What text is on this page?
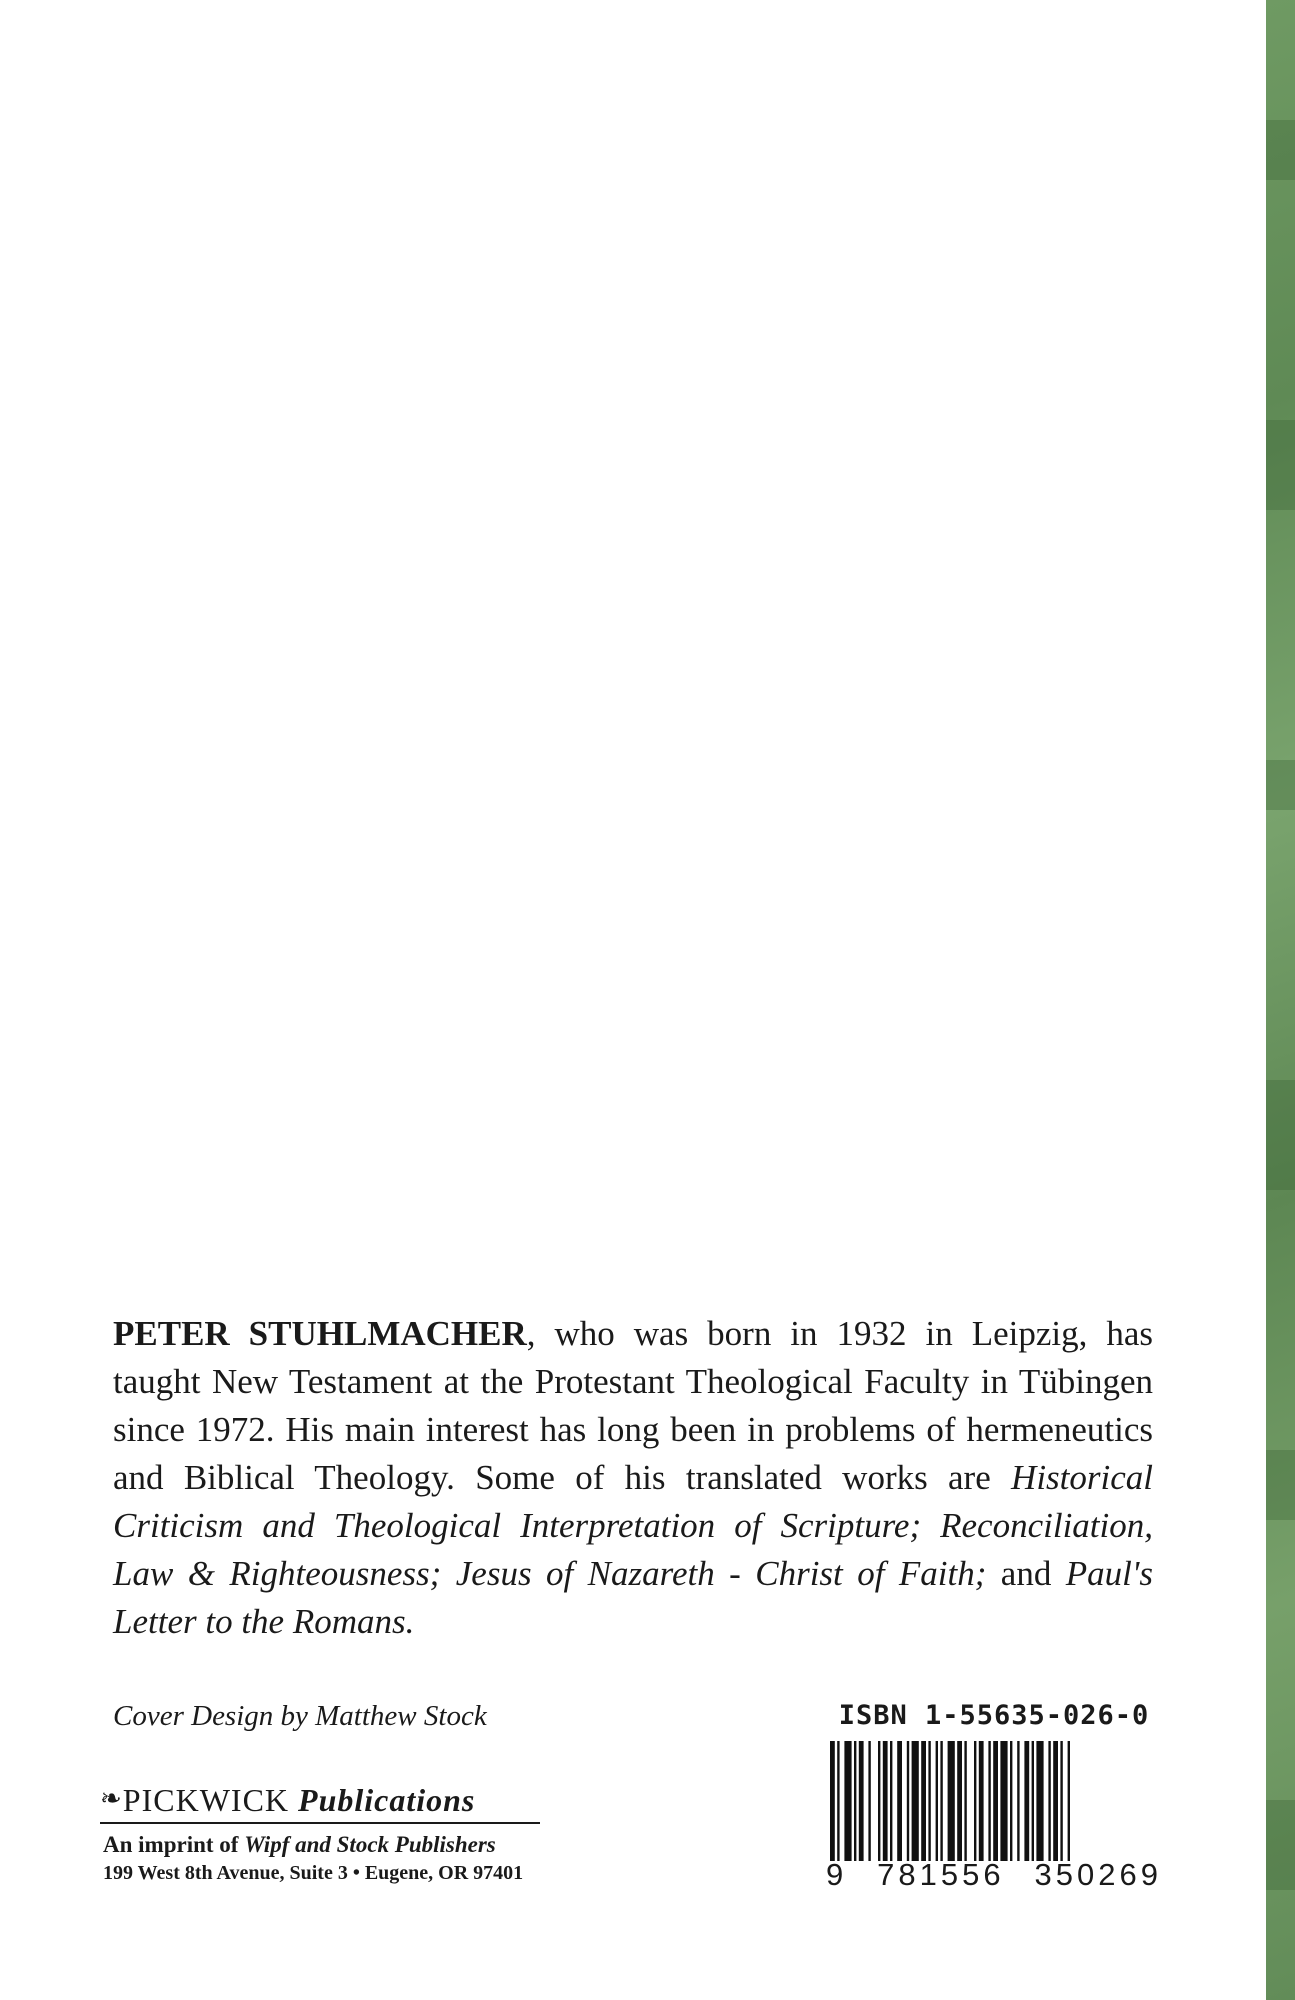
PETER STUHLMACHER, who was born in 1932 in Leipzig, has taught New Testament at the Protestant Theological Faculty in Tübingen since 1972. His main interest has long been in problems of hermeneutics and Biblical Theology. Some of his translated works are Historical Criticism and Theological Interpretation of Scripture; Reconciliation, Law & Righteousness; Jesus of Nazareth - Christ of Faith; and Paul's Letter to the Romans.

Cover Design by Matthew Stock
❧PICKWICK Publications
An imprint of Wipf and Stock Publishers
199 West 8th Avenue, Suite 3 • Eugene, OR 97401
ISBN 1-55635-026-0
9 781556 350269
